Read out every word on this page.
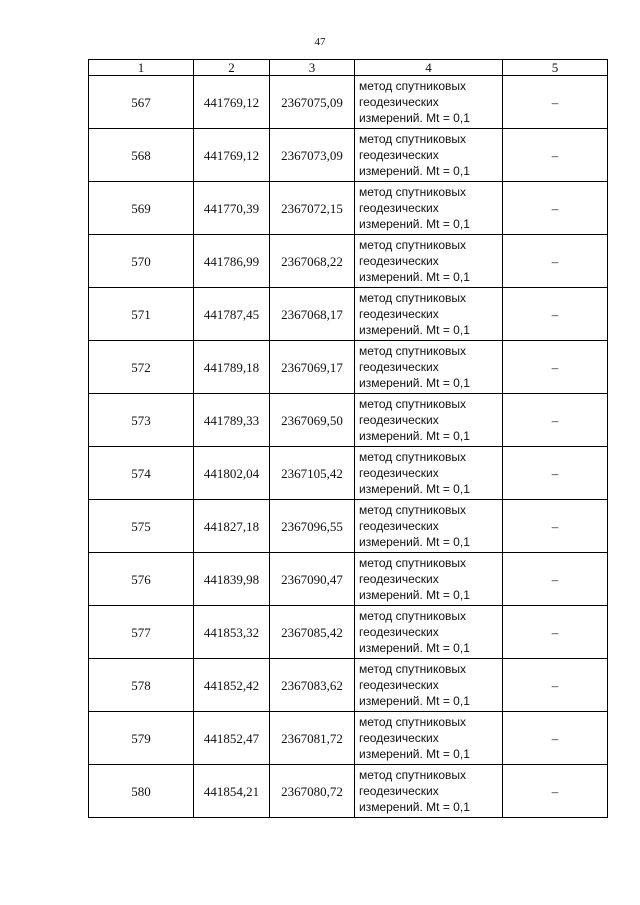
47
1	2	3	4	5
567	441769,12	2367075,09	метод спутниковых
геодезических
измерений. Mt = 0,1	–
568	441769,12	2367073,09	метод спутниковых
геодезических
измерений. Mt = 0,1	–
569	441770,39	2367072,15	метод спутниковых
геодезических
измерений. Mt = 0,1	–
570	441786,99	2367068,22	метод спутниковых
геодезических
измерений. Mt = 0,1	–
571	441787,45	2367068,17	метод спутниковых
геодезических
измерений. Mt = 0,1	–
572	441789,18	2367069,17	метод спутниковых
геодезических
измерений. Mt = 0,1	–
573	441789,33	2367069,50	метод спутниковых
геодезических
измерений. Mt = 0,1	–
574	441802,04	2367105,42	метод спутниковых
геодезических
измерений. Mt = 0,1	–
575	441827,18	2367096,55	метод спутниковых
геодезических
измерений. Mt = 0,1	–
576	441839,98	2367090,47	метод спутниковых
геодезических
измерений. Mt = 0,1	–
577	441853,32	2367085,42	метод спутниковых
геодезических
измерений. Mt = 0,1	–
578	441852,42	2367083,62	метод спутниковых
геодезических
измерений. Mt = 0,1	–
579	441852,47	2367081,72	метод спутниковых
геодезических
измерений. Mt = 0,1	–
580	441854,21	2367080,72	метод спутниковых
геодезических
измерений. Mt = 0,1	–
